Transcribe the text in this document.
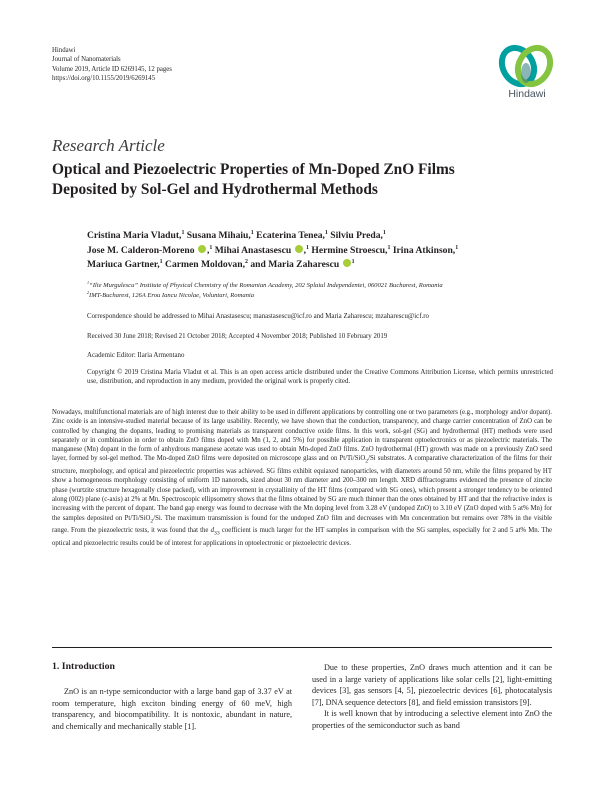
Hindawi
Journal of Nanomaterials
Volume 2019, Article ID 6269145, 12 pages
https://doi.org/10.1155/2019/6269145
Hindawi
Research Article
Optical and Piezoelectric Properties of Mn-Doped ZnO Films
Deposited by Sol-Gel and Hydrothermal Methods
Cristina Maria Vladut,$^1$ Susana Mihaiu,$^1$ Ecaterina Tenea,$^1$ Silviu Preda,$^1$
Jose M. Calderon-Moreno ,$^1$ Mihai Anastasescu ,$^1$ Hermine Stroescu,$^1$ Irina Atkinson,$^1$
Mariuca Gartner,$^1$ Carmen Moldovan,$^2$ and Maria Zaharescu $^1$
$^1$“Ilie Murgulescu” Institute of Physical Chemistry of the Romanian Academy, 202 Splaiul Independentei, 060021 Bucharest, Romania
$^2$IMT-Bucharest, 126A Erou Iancu Nicolae, Voluntari, Romania
Correspondence should be addressed to Mihai Anastasescu; manastasescu@icf.ro and Maria Zaharescu; mzaharescu@icf.ro
Received 30 June 2018; Revised 21 October 2018; Accepted 4 November 2018; Published 10 February 2019
Academic Editor: Ilaria Armentano
Copyright © 2019 Cristina Maria Vladut et al. This is an open access article distributed under the Creative Commons Attribution License, which permits unrestricted use, distribution, and reproduction in any medium, provided the original work is properly cited.

Nowadays, multifunctional materials are of high interest due to their ability to be used in different applications by controlling one or two parameters (e.g., morphology and/or dopant). Zinc oxide is an intensive-studied material because of its large usability. Recently, we have shown that the conduction, transparency, and charge carrier concentration of ZnO can be controlled by changing the dopants, leading to promising materials as transparent conductive oxide films. In this work, sol-gel (SG) and hydrothermal (HT) methods were used separately or in combination in order to obtain ZnO films doped with Mn (1, 2, and 5%) for possible application in transparent optoelectronics or as piezoelectric materials. The manganese (Mn) dopant in the form of anhydrous manganese acetate was used to obtain Mn-doped ZnO films. ZnO hydrothermal (HT) growth was made on a previously ZnO seed layer, formed by sol-gel method. The Mn-doped ZnO films were deposited on microscope glass and on Pt/Ti/SiO$_2$/Si substrates. A comparative characterization of the films for their structure, morphology, and optical and piezoelectric properties was achieved. SG films exhibit equiaxed nanoparticles, with diameters around 50 nm, while the films prepared by HT show a homogeneous morphology consisting of uniform 1D nanorods, sized about 30 nm diameter and 200–300 nm length. XRD diffractograms evidenced the presence of zincite phase (wurtzite structure hexagonally close packed), with an improvement in crystallinity of the HT films (compared with SG ones), which present a stronger tendency to be oriented along (002) plane (c-axis) at 2% at Mn. Spectroscopic ellipsometry shows that the films obtained by SG are much thinner than the ones obtained by HT and that the refractive index is increasing with the percent of dopant. The band gap energy was found to decrease with the Mn doping level from 3.28 eV (undoped ZnO) to 3.10 eV (ZnO doped with 5 at% Mn) for the samples deposited on Pt/Ti/SiO$_2$/Si. The maximum transmission is found for the undoped ZnO film and decreases with Mn concentration but remains over 78% in the visible range. From the piezoelectric tests, it was found that the $d_{33}$ coefficient is much larger for the HT samples in comparison with the SG samples, especially for 2 and 5 at% Mn. The optical and piezoelectric results could be of interest for applications in optoelectronic or piezoelectric devices.

1. Introduction

ZnO is an n-type semiconductor with a large band gap of 3.37 eV at room temperature, high exciton binding energy of 60 meV, high transparency, and biocompatibility. It is nontoxic, abundant in nature, and chemically and mechanically stable [1].

Due to these properties, ZnO draws much attention and it can be used in a large variety of applications like solar cells [2], light-emitting devices [3], gas sensors [4, 5], piezoelectric devices [6], photocatalysis [7], DNA sequence detectors [8], and field emission transistors [9].

It is well known that by introducing a selective element into ZnO the properties of the semiconductor such as band
